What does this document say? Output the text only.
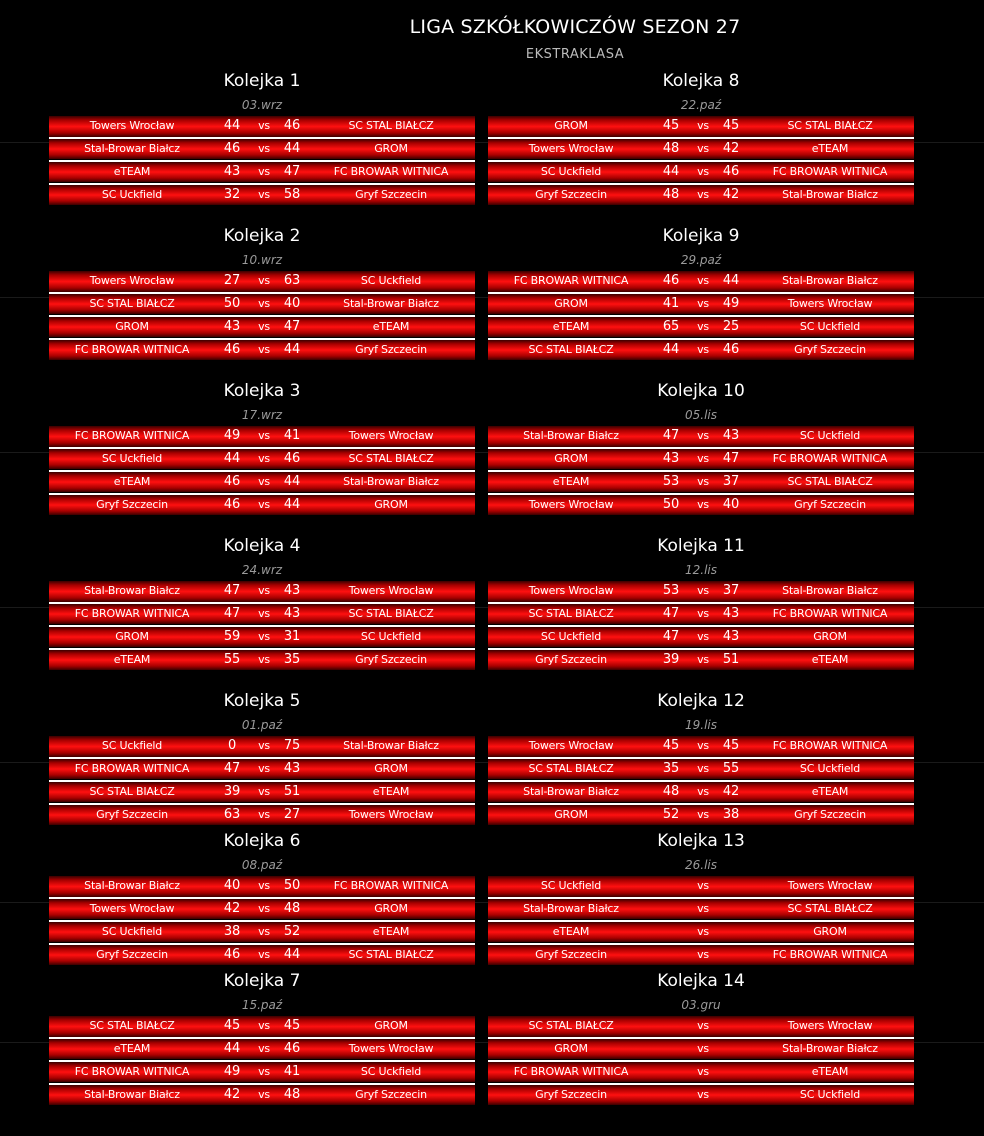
LIGA SZKÓŁKOWICZÓW SEZON 27
EKSTRAKLASA
Kolejka 1
03.wrz
Towers Wrocław	44	vs	46	SC STAL BIAŁCZ
Stal-Browar Białcz	46	vs	44	GROM
eTEAM	43	vs	47	FC BROWAR WITNICA
SC Uckfield	32	vs	58	Gryf Szczecin
Kolejka 8
22.paź
GROM	45	vs	45	SC STAL BIAŁCZ
Towers Wrocław	48	vs	42	eTEAM
SC Uckfield	44	vs	46	FC BROWAR WITNICA
Gryf Szczecin	48	vs	42	Stal-Browar Białcz
Kolejka 2
10.wrz
Towers Wrocław	27	vs	63	SC Uckfield
SC STAL BIAŁCZ	50	vs	40	Stal-Browar Białcz
GROM	43	vs	47	eTEAM
FC BROWAR WITNICA	46	vs	44	Gryf Szczecin
Kolejka 9
29.paź
FC BROWAR WITNICA	46	vs	44	Stal-Browar Białcz
GROM	41	vs	49	Towers Wrocław
eTEAM	65	vs	25	SC Uckfield
SC STAL BIAŁCZ	44	vs	46	Gryf Szczecin
Kolejka 3
17.wrz
FC BROWAR WITNICA	49	vs	41	Towers Wrocław
SC Uckfield	44	vs	46	SC STAL BIAŁCZ
eTEAM	46	vs	44	Stal-Browar Białcz
Gryf Szczecin	46	vs	44	GROM
Kolejka 10
05.lis
Stal-Browar Białcz	47	vs	43	SC Uckfield
GROM	43	vs	47	FC BROWAR WITNICA
eTEAM	53	vs	37	SC STAL BIAŁCZ
Towers Wrocław	50	vs	40	Gryf Szczecin
Kolejka 4
24.wrz
Stal-Browar Białcz	47	vs	43	Towers Wrocław
FC BROWAR WITNICA	47	vs	43	SC STAL BIAŁCZ
GROM	59	vs	31	SC Uckfield
eTEAM	55	vs	35	Gryf Szczecin
Kolejka 11
12.lis
Towers Wrocław	53	vs	37	Stal-Browar Białcz
SC STAL BIAŁCZ	47	vs	43	FC BROWAR WITNICA
SC Uckfield	47	vs	43	GROM
Gryf Szczecin	39	vs	51	eTEAM
Kolejka 5
01.paź
SC Uckfield	0	vs	75	Stal-Browar Białcz
FC BROWAR WITNICA	47	vs	43	GROM
SC STAL BIAŁCZ	39	vs	51	eTEAM
Gryf Szczecin	63	vs	27	Towers Wrocław
Kolejka 12
19.lis
Towers Wrocław	45	vs	45	FC BROWAR WITNICA
SC STAL BIAŁCZ	35	vs	55	SC Uckfield
Stal-Browar Białcz	48	vs	42	eTEAM
GROM	52	vs	38	Gryf Szczecin
Kolejka 6
08.paź
Stal-Browar Białcz	40	vs	50	FC BROWAR WITNICA
Towers Wrocław	42	vs	48	GROM
SC Uckfield	38	vs	52	eTEAM
Gryf Szczecin	46	vs	44	SC STAL BIAŁCZ
Kolejka 13
26.lis
SC Uckfield	vs	Towers Wrocław
Stal-Browar Białcz	vs	SC STAL BIAŁCZ
eTEAM	vs	GROM
Gryf Szczecin	vs	FC BROWAR WITNICA
Kolejka 7
15.paź
SC STAL BIAŁCZ	45	vs	45	GROM
eTEAM	44	vs	46	Towers Wrocław
FC BROWAR WITNICA	49	vs	41	SC Uckfield
Stal-Browar Białcz	42	vs	48	Gryf Szczecin
Kolejka 14
03.gru
SC STAL BIAŁCZ	vs	Towers Wrocław
GROM	vs	Stal-Browar Białcz
FC BROWAR WITNICA	vs	eTEAM
Gryf Szczecin	vs	SC Uckfield
